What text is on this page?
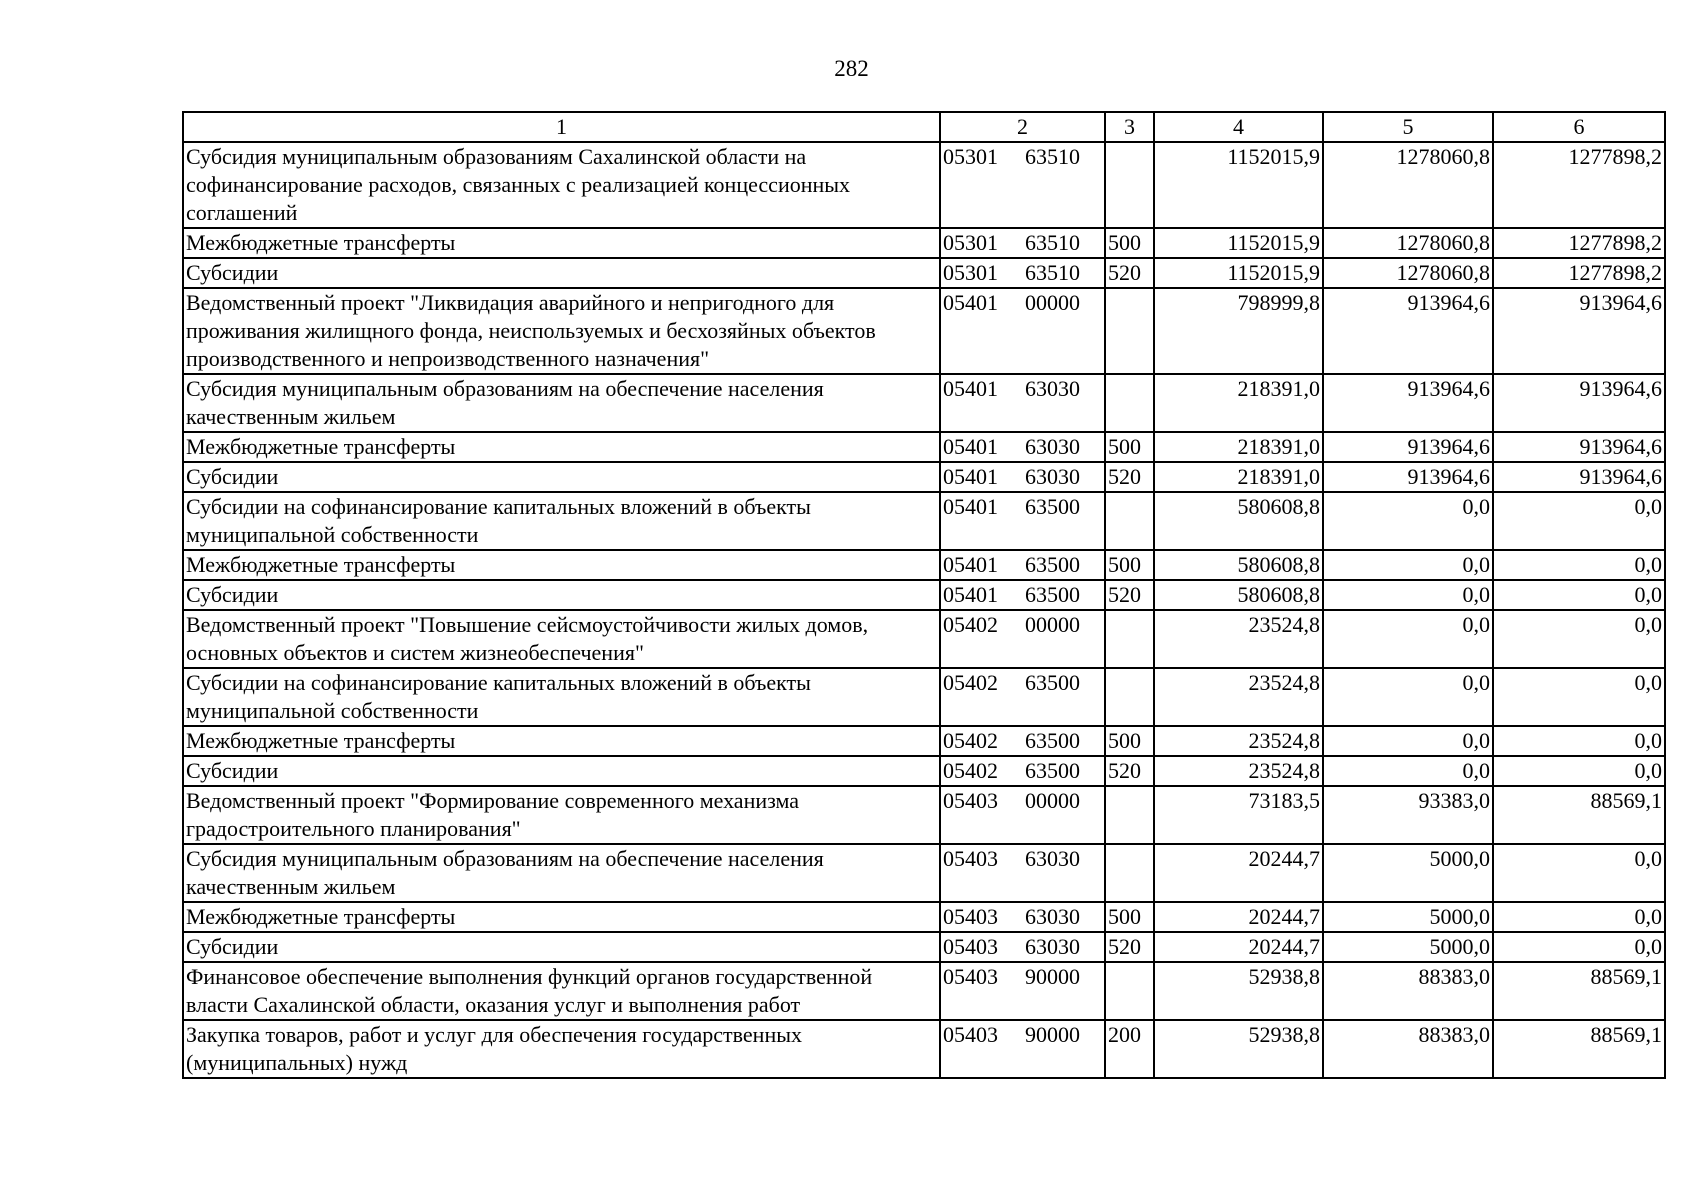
282
1	2	3	4	5	6
Субсидия муниципальным образованиям Сахалинской области на софинансирование расходов, связанных с реализацией концессионных соглашений	05301 63510		1152015,9	1278060,8	1277898,2
Межбюджетные трансферты	05301 63510	500	1152015,9	1278060,8	1277898,2
Субсидии	05301 63510	520	1152015,9	1278060,8	1277898,2
Ведомственный проект "Ликвидация аварийного и непригодного для проживания жилищного фонда, неиспользуемых и бесхозяйных объектов производственного и непроизводственного назначения"	05401 00000		798999,8	913964,6	913964,6
Субсидия муниципальным образованиям на обеспечение населения качественным жильем	05401 63030		218391,0	913964,6	913964,6
Межбюджетные трансферты	05401 63030	500	218391,0	913964,6	913964,6
Субсидии	05401 63030	520	218391,0	913964,6	913964,6
Субсидии на софинансирование капитальных вложений в объекты муниципальной собственности	05401 63500		580608,8	0,0	0,0
Межбюджетные трансферты	05401 63500	500	580608,8	0,0	0,0
Субсидии	05401 63500	520	580608,8	0,0	0,0
Ведомственный проект "Повышение сейсмоустойчивости жилых домов, основных объектов и систем жизнеобеспечения"	05402 00000		23524,8	0,0	0,0
Субсидии на софинансирование капитальных вложений в объекты муниципальной собственности	05402 63500		23524,8	0,0	0,0
Межбюджетные трансферты	05402 63500	500	23524,8	0,0	0,0
Субсидии	05402 63500	520	23524,8	0,0	0,0
Ведомственный проект "Формирование современного механизма градостроительного планирования"	05403 00000		73183,5	93383,0	88569,1
Субсидия муниципальным образованиям на обеспечение населения качественным жильем	05403 63030		20244,7	5000,0	0,0
Межбюджетные трансферты	05403 63030	500	20244,7	5000,0	0,0
Субсидии	05403 63030	520	20244,7	5000,0	0,0
Финансовое обеспечение выполнения функций органов государственной власти Сахалинской области, оказания услуг и выполнения работ	05403 90000		52938,8	88383,0	88569,1
Закупка товаров, работ и услуг для обеспечения государственных (муниципальных) нужд	05403 90000	200	52938,8	88383,0	88569,1
